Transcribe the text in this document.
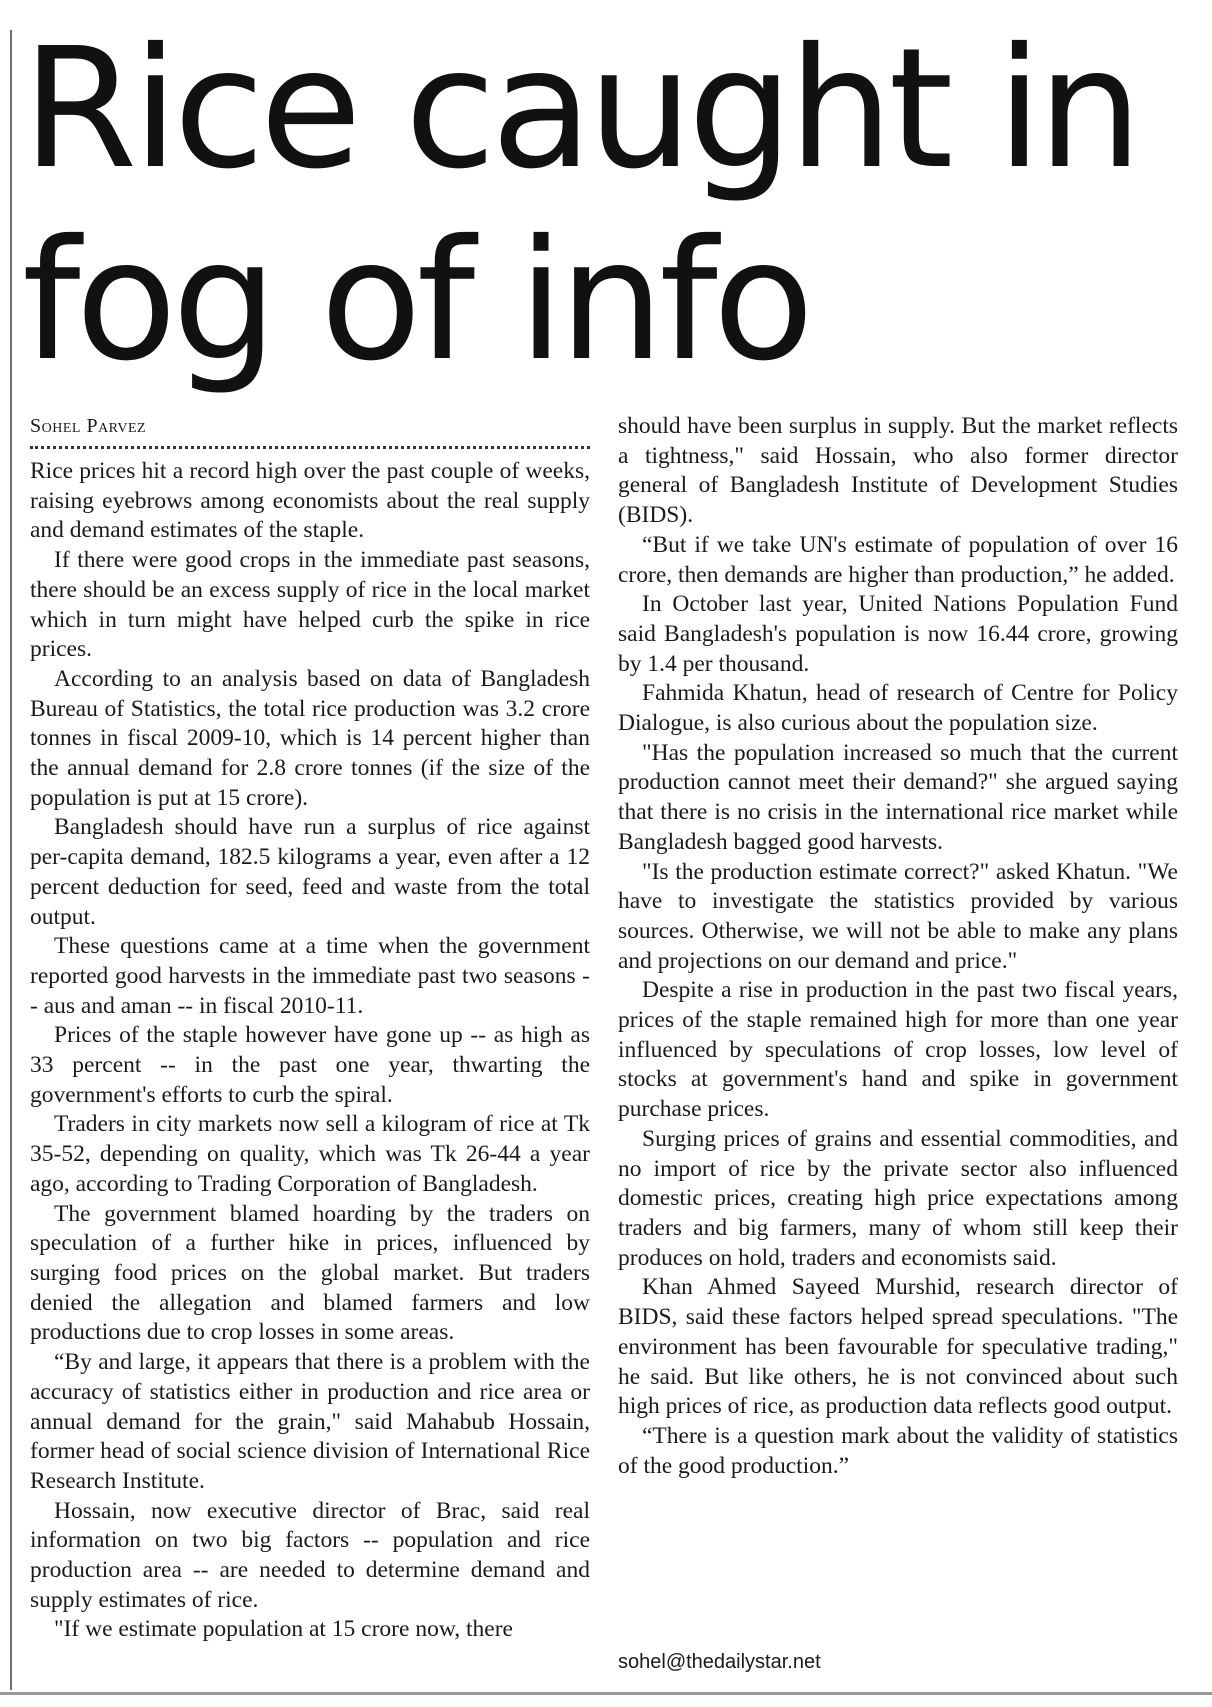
Rice caught in fog of info
Sohel Parvez

Rice prices hit a record high over the past couple of weeks, raising eyebrows among economists about the real supply and demand estimates of the staple.

If there were good crops in the immediate past seasons, there should be an excess supply of rice in the local market which in turn might have helped curb the spike in rice prices.

According to an analysis based on data of Bangladesh Bureau of Statistics, the total rice production was 3.2 crore tonnes in fiscal 2009-10, which is 14 percent higher than the annual demand for 2.8 crore tonnes (if the size of the population is put at 15 crore).

Bangladesh should have run a surplus of rice against per-capita demand, 182.5 kilograms a year, even after a 12 percent deduction for seed, feed and waste from the total output.

These questions came at a time when the government reported good harvests in the immediate past two seasons -- aus and aman -- in fiscal 2010-11.

Prices of the staple however have gone up -- as high as 33 percent -- in the past one year, thwarting the government's efforts to curb the spiral.

Traders in city markets now sell a kilogram of rice at Tk 35-52, depending on quality, which was Tk 26-44 a year ago, according to Trading Corporation of Bangladesh.

The government blamed hoarding by the traders on speculation of a further hike in prices, influenced by surging food prices on the global market. But traders denied the allegation and blamed farmers and low productions due to crop losses in some areas.

“By and large, it appears that there is a problem with the accuracy of statistics either in production and rice area or annual demand for the grain," said Mahabub Hossain, former head of social science division of International Rice Research Institute.

Hossain, now executive director of Brac, said real information on two big factors -- population and rice production area -- are needed to determine demand and supply estimates of rice.

"If we estimate population at 15 crore now, there

should have been surplus in supply. But the market reflects a tightness," said Hossain, who also former director general of Bangladesh Institute of Development Studies (BIDS).

“But if we take UN's estimate of population of over 16 crore, then demands are higher than production,” he added.

In October last year, United Nations Population Fund said Bangladesh's population is now 16.44 crore, growing by 1.4 per thousand.

Fahmida Khatun, head of research of Centre for Policy Dialogue, is also curious about the population size.

"Has the population increased so much that the current production cannot meet their demand?" she argued saying that there is no crisis in the international rice market while Bangladesh bagged good harvests.

"Is the production estimate correct?" asked Khatun. "We have to investigate the statistics provided by various sources. Otherwise, we will not be able to make any plans and projections on our demand and price."

Despite a rise in production in the past two fiscal years, prices of the staple remained high for more than one year influenced by speculations of crop losses, low level of stocks at government's hand and spike in government purchase prices.

Surging prices of grains and essential commodities, and no import of rice by the private sector also influenced domestic prices, creating high price expectations among traders and big farmers, many of whom still keep their produces on hold, traders and economists said.

Khan Ahmed Sayeed Murshid, research director of BIDS, said these factors helped spread speculations. "The environment has been favourable for speculative trading," he said. But like others, he is not convinced about such high prices of rice, as production data reflects good output.

“There is a question mark about the validity of statistics of the good production.”

sohel@thedailystar.net
